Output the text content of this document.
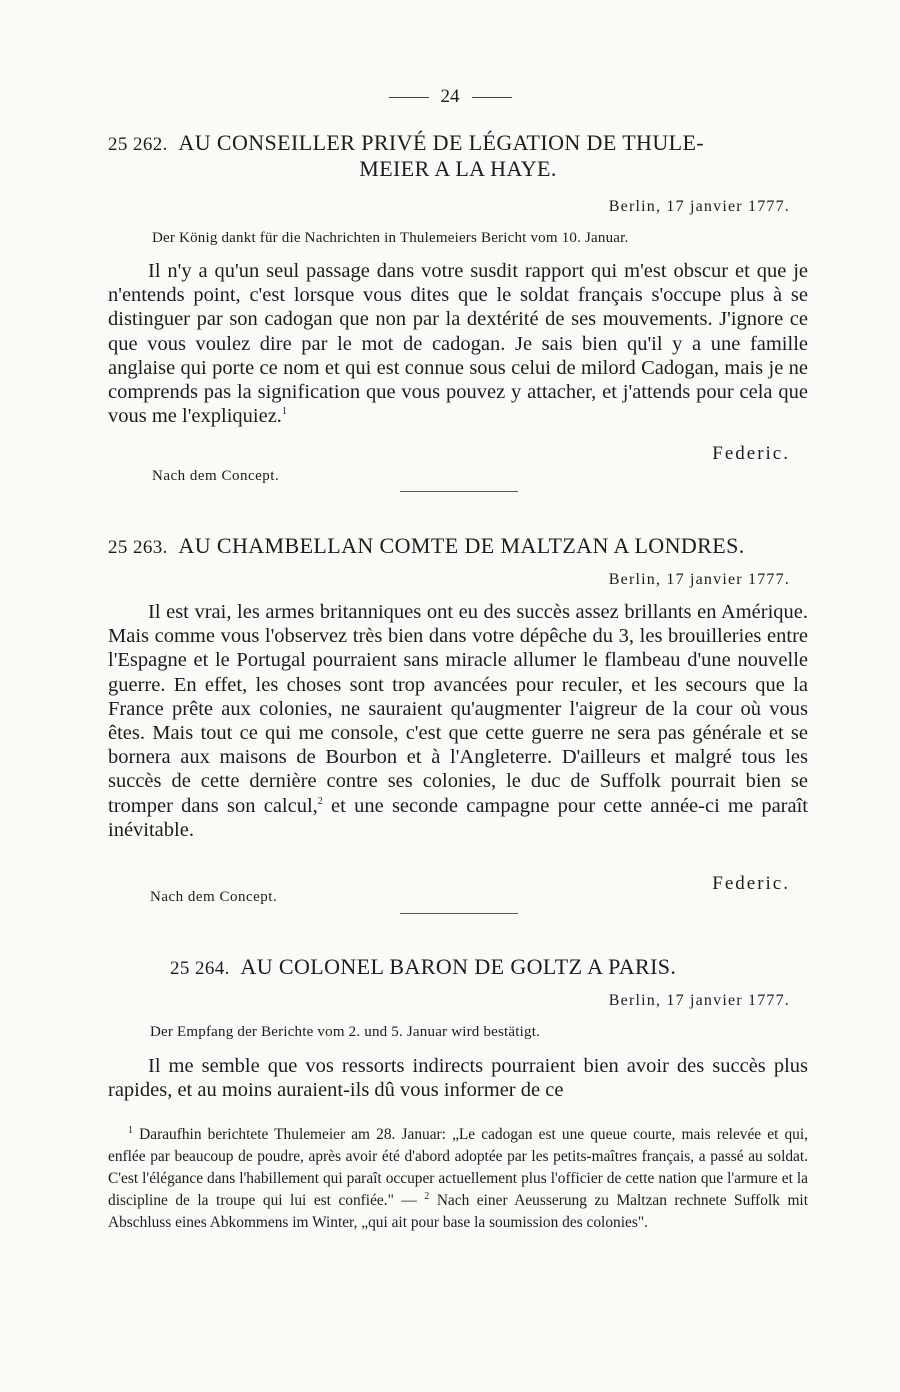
24
25 262. AU CONSEILLER PRIVÉ DE LÉGATION DE THULE-
MEIER A LA HAYE.
Berlin, 17 janvier 1777.
Der König dankt für die Nachrichten in Thulemeiers Bericht vom 10. Januar.
Il n'y a qu'un seul passage dans votre susdit rapport qui m'est obscur et que je n'entends point, c'est lorsque vous dites que le soldat français s'occupe plus à se distinguer par son cadogan que non par la dextérité de ses mouvements. J'ignore ce que vous voulez dire par le mot de cadogan. Je sais bien qu'il y a une famille anglaise qui porte ce nom et qui est connue sous celui de milord Cadogan, mais je ne comprends pas la signification que vous pouvez y attacher, et j'attends pour cela que vous me l'expliquiez.$^1$
Federic.
Nach dem Concept.
25 263. AU CHAMBELLAN COMTE DE MALTZAN A LONDRES.
Berlin, 17 janvier 1777.
Il est vrai, les armes britanniques ont eu des succès assez brillants en Amérique. Mais comme vous l'observez très bien dans votre dépêche du 3, les brouilleries entre l'Espagne et le Portugal pourraient sans miracle allumer le flambeau d'une nouvelle guerre. En effet, les choses sont trop avancées pour reculer, et les secours que la France prête aux colonies, ne sauraient qu'augmenter l'aigreur de la cour où vous êtes. Mais tout ce qui me console, c'est que cette guerre ne sera pas générale et se bornera aux maisons de Bourbon et à l'Angleterre. D'ailleurs et malgré tous les succès de cette dernière contre ses colonies, le duc de Suffolk pourrait bien se tromper dans son calcul,$^2$ et une seconde campagne pour cette année-ci me paraît inévitable.
Federic.
Nach dem Concept.
25 264. AU COLONEL BARON DE GOLTZ A PARIS.
Berlin, 17 janvier 1777.
Der Empfang der Berichte vom 2. und 5. Januar wird bestätigt.
Il me semble que vos ressorts indirects pourraient bien avoir des succès plus rapides, et au moins auraient-ils dû vous informer de ce
$^1$ Daraufhin berichtete Thulemeier am 28. Januar: „Le cadogan est une queue courte, mais relevée et qui, enflée par beaucoup de poudre, après avoir été d'abord adoptée par les petits-maîtres français, a passé au soldat. C'est l'élégance dans l'habillement qui paraît occuper actuellement plus l'officier de cette nation que l'armure et la discipline de la troupe qui lui est confiée." — $^2$ Nach einer Aeusserung zu Maltzan rechnete Suffolk mit Abschluss eines Abkommens im Winter, „qui ait pour base la soumission des colonies".
